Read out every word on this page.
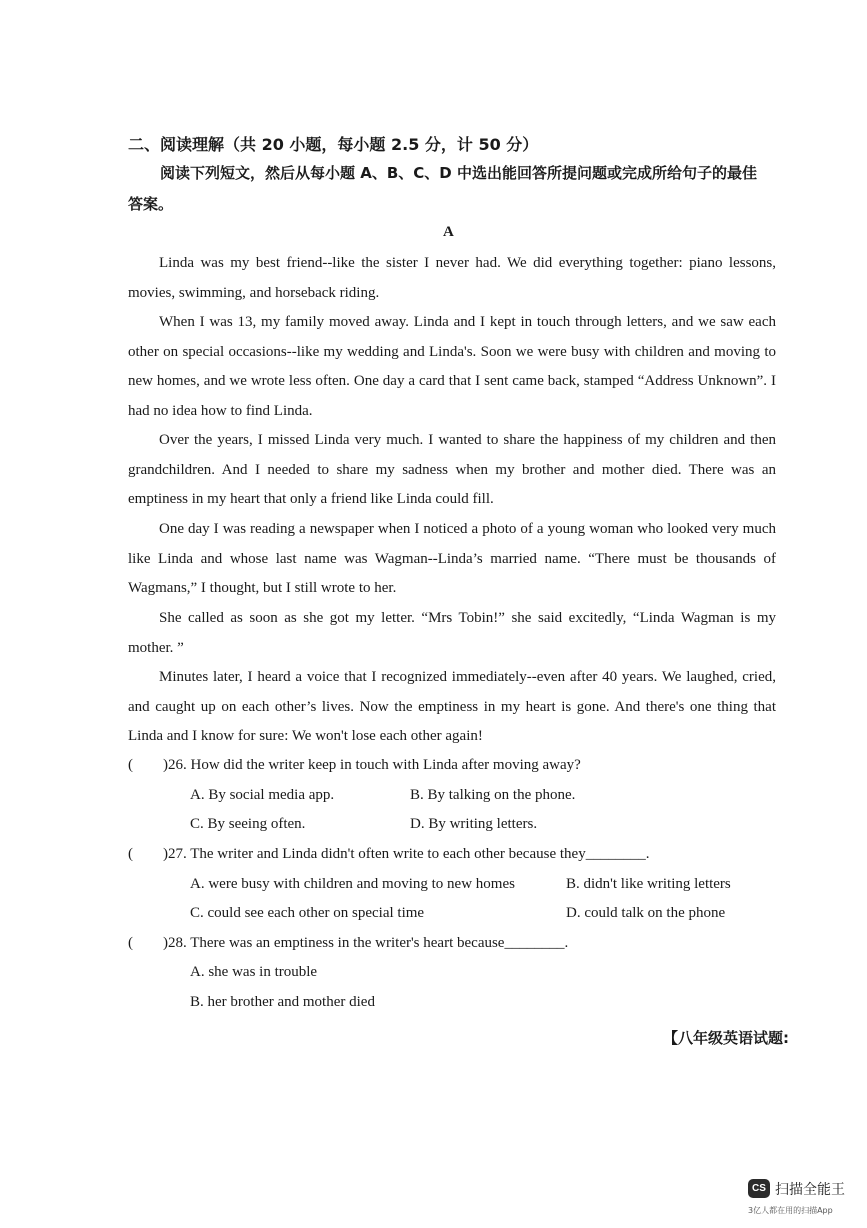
二、阅读理解（共 20 小题，每小题 2.5 分，计 50 分）
阅读下列短文，然后从每小题 A、B、C、D 中选出能回答所提问题或完成所给句子的最佳
答案。
A
Linda was my best friend--like the sister I never had. We did everything together: piano lessons, movies, swimming, and horseback riding.
When I was 13, my family moved away. Linda and I kept in touch through letters, and we saw each other on special occasions--like my wedding and Linda's. Soon we were busy with children and moving to new homes, and we wrote less often. One day a card that I sent came back, stamped “Address Unknown”. I had no idea how to find Linda.
Over the years, I missed Linda very much. I wanted to share the happiness of my children and then grandchildren. And I needed to share my sadness when my brother and mother died. There was an emptiness in my heart that only a friend like Linda could fill.
One day I was reading a newspaper when I noticed a photo of a young woman who looked very much like Linda and whose last name was Wagman--Linda’s married name. “There must be thousands of Wagmans,” I thought, but I still wrote to her.
She called as soon as she got my letter. “Mrs Tobin!” she said excitedly, “Linda Wagman is my mother. ”
Minutes later, I heard a voice that I recognized immediately--even after 40 years. We laughed, cried, and caught up on each other’s lives. Now the emptiness in my heart is gone. And there's one thing that Linda and I know for sure: We won't lose each other again!
( )26. How did the writer keep in touch with Linda after moving away?
A. By social media app.	B. By talking on the phone.
C. By seeing often.	D. By writing letters.
( )27. The writer and Linda didn't often write to each other because they________.
A. were busy with children and moving to new homes	B. didn't like writing letters
C. could see each other on special time	D. could talk on the phone
( )28. There was an emptiness in the writer's heart because________.
A. she was in trouble
B. her brother and mother died
【八年级英语试题:
CS 扫描全能王
3亿人都在用的扫描App
